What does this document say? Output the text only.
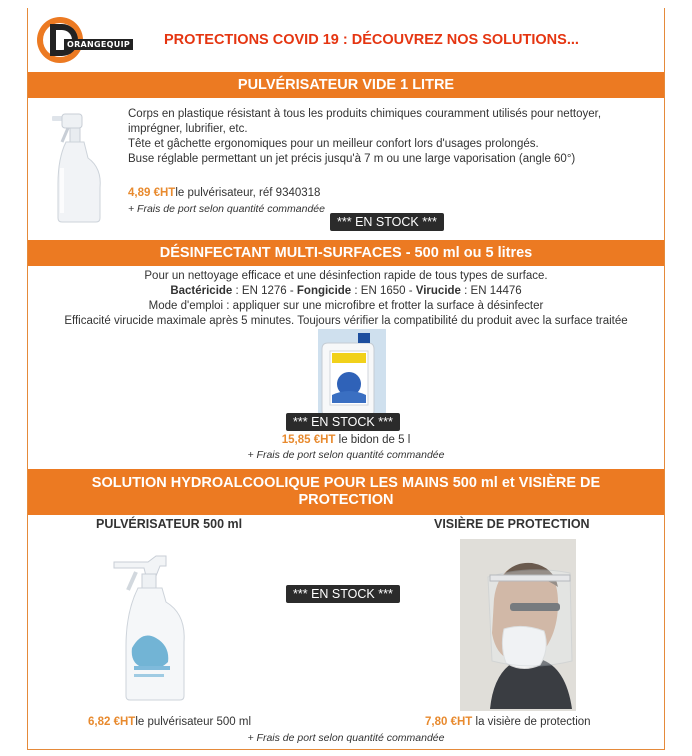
ORANGEQUIP PROTECTIONS COVID 19 : DÉCOUVREZ NOS SOLUTIONS...
PULVÉRISATEUR VIDE 1 LITRE
Corps en plastique résistant à tous les produits chimiques couramment utilisés pour nettoyer,
imprégner, lubrifier, etc.
Tête et gâchette ergonomiques pour un meilleur confort lors d'usages prolongés.
Buse réglable permettant un jet précis jusqu'à 7 m ou une large vaporisation (angle 60°)
4,89 €HTle pulvérisateur, réf 9340318
+ Frais de port selon quantité commandée
*** EN STOCK ***
DÉSINFECTANT MULTI-SURFACES - 500 ml ou 5 litres
Pour un nettoyage efficace et une désinfection rapide de tous types de surface.
Bactéricide : EN 1276 - Fongicide : EN 1650 - Virucide : EN 14476
Mode d'emploi : appliquer sur une microfibre et frotter la surface à désinfecter
Efficacité virucide maximale après 5 minutes. Toujours vérifier la compatibilité du produit avec la surface traitée
*** EN STOCK ***
15,85 €HT le bidon de 5 l
+ Frais de port selon quantité commandée
SOLUTION HYDROALCOOLIQUE POUR LES MAINS 500 ml et VISIÈRE DE PROTECTION
PULVÉRISATEUR 500 ml	VISIÈRE DE PROTECTION
*** EN STOCK ***
6,82 €HTle pulvérisateur 500 ml	7,80 €HT la visière de protection
+ Frais de port selon quantité commandée
